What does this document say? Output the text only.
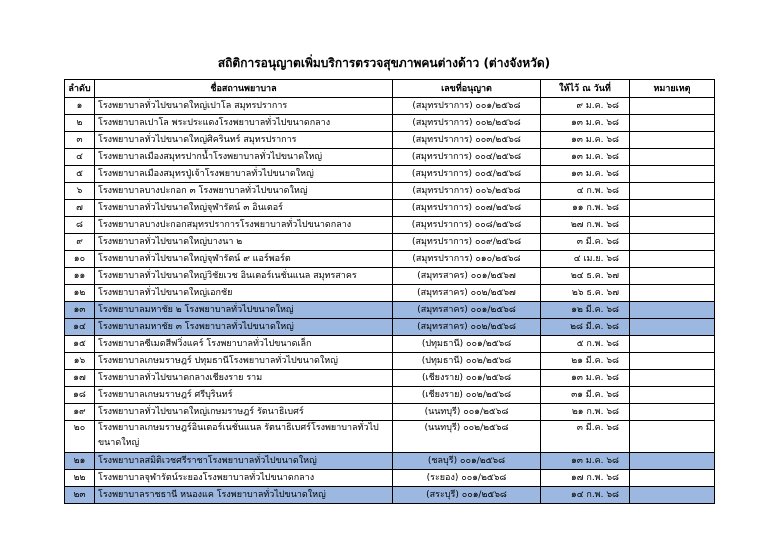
สถิติการอนุญาตเพิ่มบริการตรวจสุขภาพคนต่างด้าว (ต่างจังหวัด)
ลำดับ	ชื่อสถานพยาบาล	เลขที่อนุญาต	ให้ไว้ ณ วันที่	หมายเหตุ
๑	โรงพยาบาลทั่วไปขนาดใหญ่เปาโล สมุทรปราการ	(สมุทรปราการ) ๐๐๑/๒๕๖๘	๙ ม.ค. ๖๘	
๒	โรงพยาบาลเปาโล พระประแดงโรงพยาบาลทั่วไปขนาดกลาง	(สมุทรปราการ) ๐๐๒/๒๕๖๘	๑๓ ม.ค. ๖๘	
๓	โรงพยาบาลทั่วไปขนาดใหญ่ศิครินทร์ สมุทรปราการ	(สมุทรปราการ) ๐๐๓/๒๕๖๘	๑๓ ม.ค. ๖๘	
๔	โรงพยาบาลเมืองสมุทรปากน้ำโรงพยาบาลทั่วไปขนาดใหญ่	(สมุทรปราการ) ๐๐๔/๒๕๖๘	๑๓ ม.ค. ๖๘	
๕	โรงพยาบาลเมืองสมุทรปู่เจ้าโรงพยาบาลทั่วไปขนาดใหญ่	(สมุทรปราการ) ๐๐๕/๒๕๖๘	๑๓ ม.ค. ๖๘	
๖	โรงพยาบาลบางปะกอก ๓ โรงพยาบาลทั่วไปขนาดใหญ่	(สมุทรปราการ) ๐๐๖/๒๕๖๘	๔ ก.พ. ๖๘	
๗	โรงพยาบาลทั่วไปขนาดใหญ่จุฬารัตน์ ๓ อินเตอร์	(สมุทรปราการ) ๐๐๗/๒๕๖๘	๑๑ ก.พ. ๖๘	
๘	โรงพยาบาลบางปะกอกสมุทรปราการโรงพยาบาลทั่วไปขนาดกลาง	(สมุทรปราการ) ๐๐๘/๒๕๖๘	๒๗ ก.พ. ๖๘	
๙	โรงพยาบาลทั่วไปขนาดใหญ่บางนา ๒	(สมุทรปราการ) ๐๐๙/๒๕๖๘	๓ มี.ค. ๖๘	
๑๐	โรงพยาบาลทั่วไปขนาดใหญ่จุฬารัตน์ ๙ แอร์พอร์ต	(สมุทรปราการ) ๐๑๐/๒๕๖๘	๔ เม.ย. ๖๘	
๑๑	โรงพยาบาลทั่วไปขนาดใหญ่วิชัยเวช อินเตอร์เนชั่นแนล สมุทรสาคร	(สมุทรสาคร) ๐๐๑/๒๕๖๗	๒๔ ธ.ค. ๖๗	
๑๒	โรงพยาบาลทั่วไปขนาดใหญ่เอกชัย	(สมุทรสาคร) ๐๐๒/๒๕๖๗	๒๖ ธ.ค. ๖๗	
๑๓	โรงพยาบาลมหาชัย ๒ โรงพยาบาลทั่วไปขนาดใหญ่	(สมุทรสาคร) ๐๐๑/๒๕๖๘	๑๒ มี.ค. ๖๘	
๑๔	โรงพยาบาลมหาชัย ๓ โรงพยาบาลทั่วไปขนาดใหญ่	(สมุทรสาคร) ๐๐๒/๒๕๖๘	๒๘ มี.ค. ๖๘	
๑๕	โรงพยาบาลซีเมดสีฟวิ่งแคร์ โรงพยาบาลทั่วไปขนาดเล็ก	(ปทุมธานี) ๐๐๑/๒๕๖๘	๕ ก.พ. ๖๘	
๑๖	โรงพยาบาลเกษมราษฎร์ ปทุมธานีโรงพยาบาลทั่วไปขนาดใหญ่	(ปทุมธานี) ๐๐๒/๒๕๖๘	๒๑ มี.ค. ๖๘	
๑๗	โรงพยาบาลทั่วไปขนาดกลางเชียงราย ราม	(เชียงราย) ๐๐๑/๒๕๖๘	๑๓ ม.ค. ๖๘	
๑๘	โรงพยาบาลเกษมราษฎร์ ศรีบุรินทร์	(เชียงราย) ๐๐๒/๒๕๖๘	๓๑ มี.ค. ๖๘	
๑๙	โรงพยาบาลทั่วไปขนาดใหญ่เกษมราษฎร์ รัตนาธิเบศร์	(นนทบุรี) ๐๐๑/๒๕๖๘	๒๑ ก.พ. ๖๘	
๒๐	โรงพยาบาลเกษมราษฎร์อินเตอร์เนชั่นแนล รัตนาธิเบศร์โรงพยาบาลทั่วไปขนาดใหญ่	(นนทบุรี) ๐๐๒/๒๕๖๘	๓ มี.ค. ๖๘	
๒๑	โรงพยาบาลสมิติเวชศรีราชาโรงพยาบาลทั่วไปขนาดใหญ่	(ชลบุรี) ๐๐๑/๒๕๖๘	๑๓ ม.ค. ๖๘	
๒๒	โรงพยาบาลจุฬารัตน์ระยองโรงพยาบาลทั่วไปขนาดกลาง	(ระยอง) ๐๐๑/๒๕๖๘	๑๗ ก.พ. ๖๘	
๒๓	โรงพยาบาลราชธานี หนองแค โรงพยาบาลทั่วไปขนาดใหญ่	(สระบุรี) ๐๐๑/๒๕๖๘	๑๔ ก.พ. ๖๘	
